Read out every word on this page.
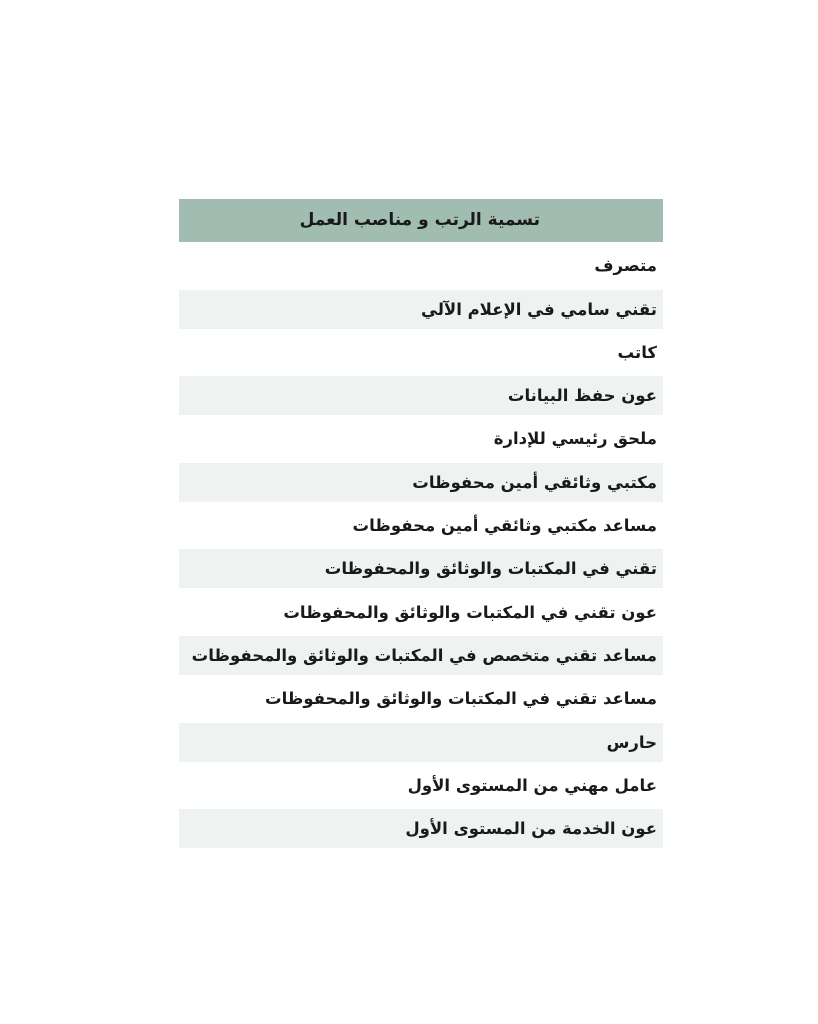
تسمية الرتب و مناصب العمل
متصرف
تقني سامي في الإعلام الآلي
كاتب
عون حفظ البيانات
ملحق رئيسي للإدارة
مكتبي وثائقي أمين محفوظات
مساعد مكتبي وثائقي أمين محفوظات
تقني في المكتبات والوثائق والمحفوظات
عون تقني في المكتبات والوثائق والمحفوظات
مساعد تقني متخصص في المكتبات والوثائق والمحفوظات
مساعد تقني في المكتبات والوثائق والمحفوظات
حارس
عامل مهني من المستوى الأول
عون الخدمة من المستوى الأول
